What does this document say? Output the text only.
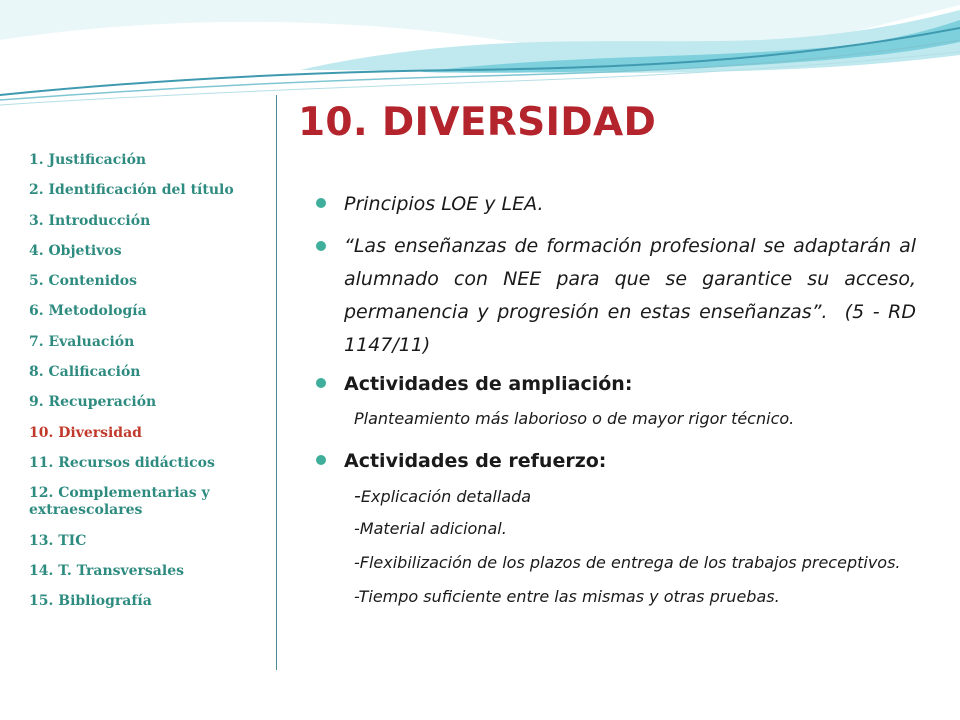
1. Justificación
2. Identificación del título
3. Introducción
4. Objetivos
5. Contenidos
6. Metodología
7. Evaluación
8. Calificación
9. Recuperación
10. Diversidad
11. Recursos didácticos
12. Complementarias y extraescolares
13. TIC
14. T. Transversales
15. Bibliografía
10. DIVERSIDAD
Principios LOE y LEA.
“Las enseñanzas de formación profesional se adaptarán al alumnado con NEE para que se garantice su acceso, permanencia y progresión en estas enseñanzas”. (5 - RD 1147/11)
Actividades de ampliación:
Planteamiento más laborioso o de mayor rigor técnico.
Actividades de refuerzo:
-Explicación detallada
-Material adicional.
-Flexibilización de los plazos de entrega de los trabajos preceptivos.
-Tiempo suficiente entre las mismas y otras pruebas.
